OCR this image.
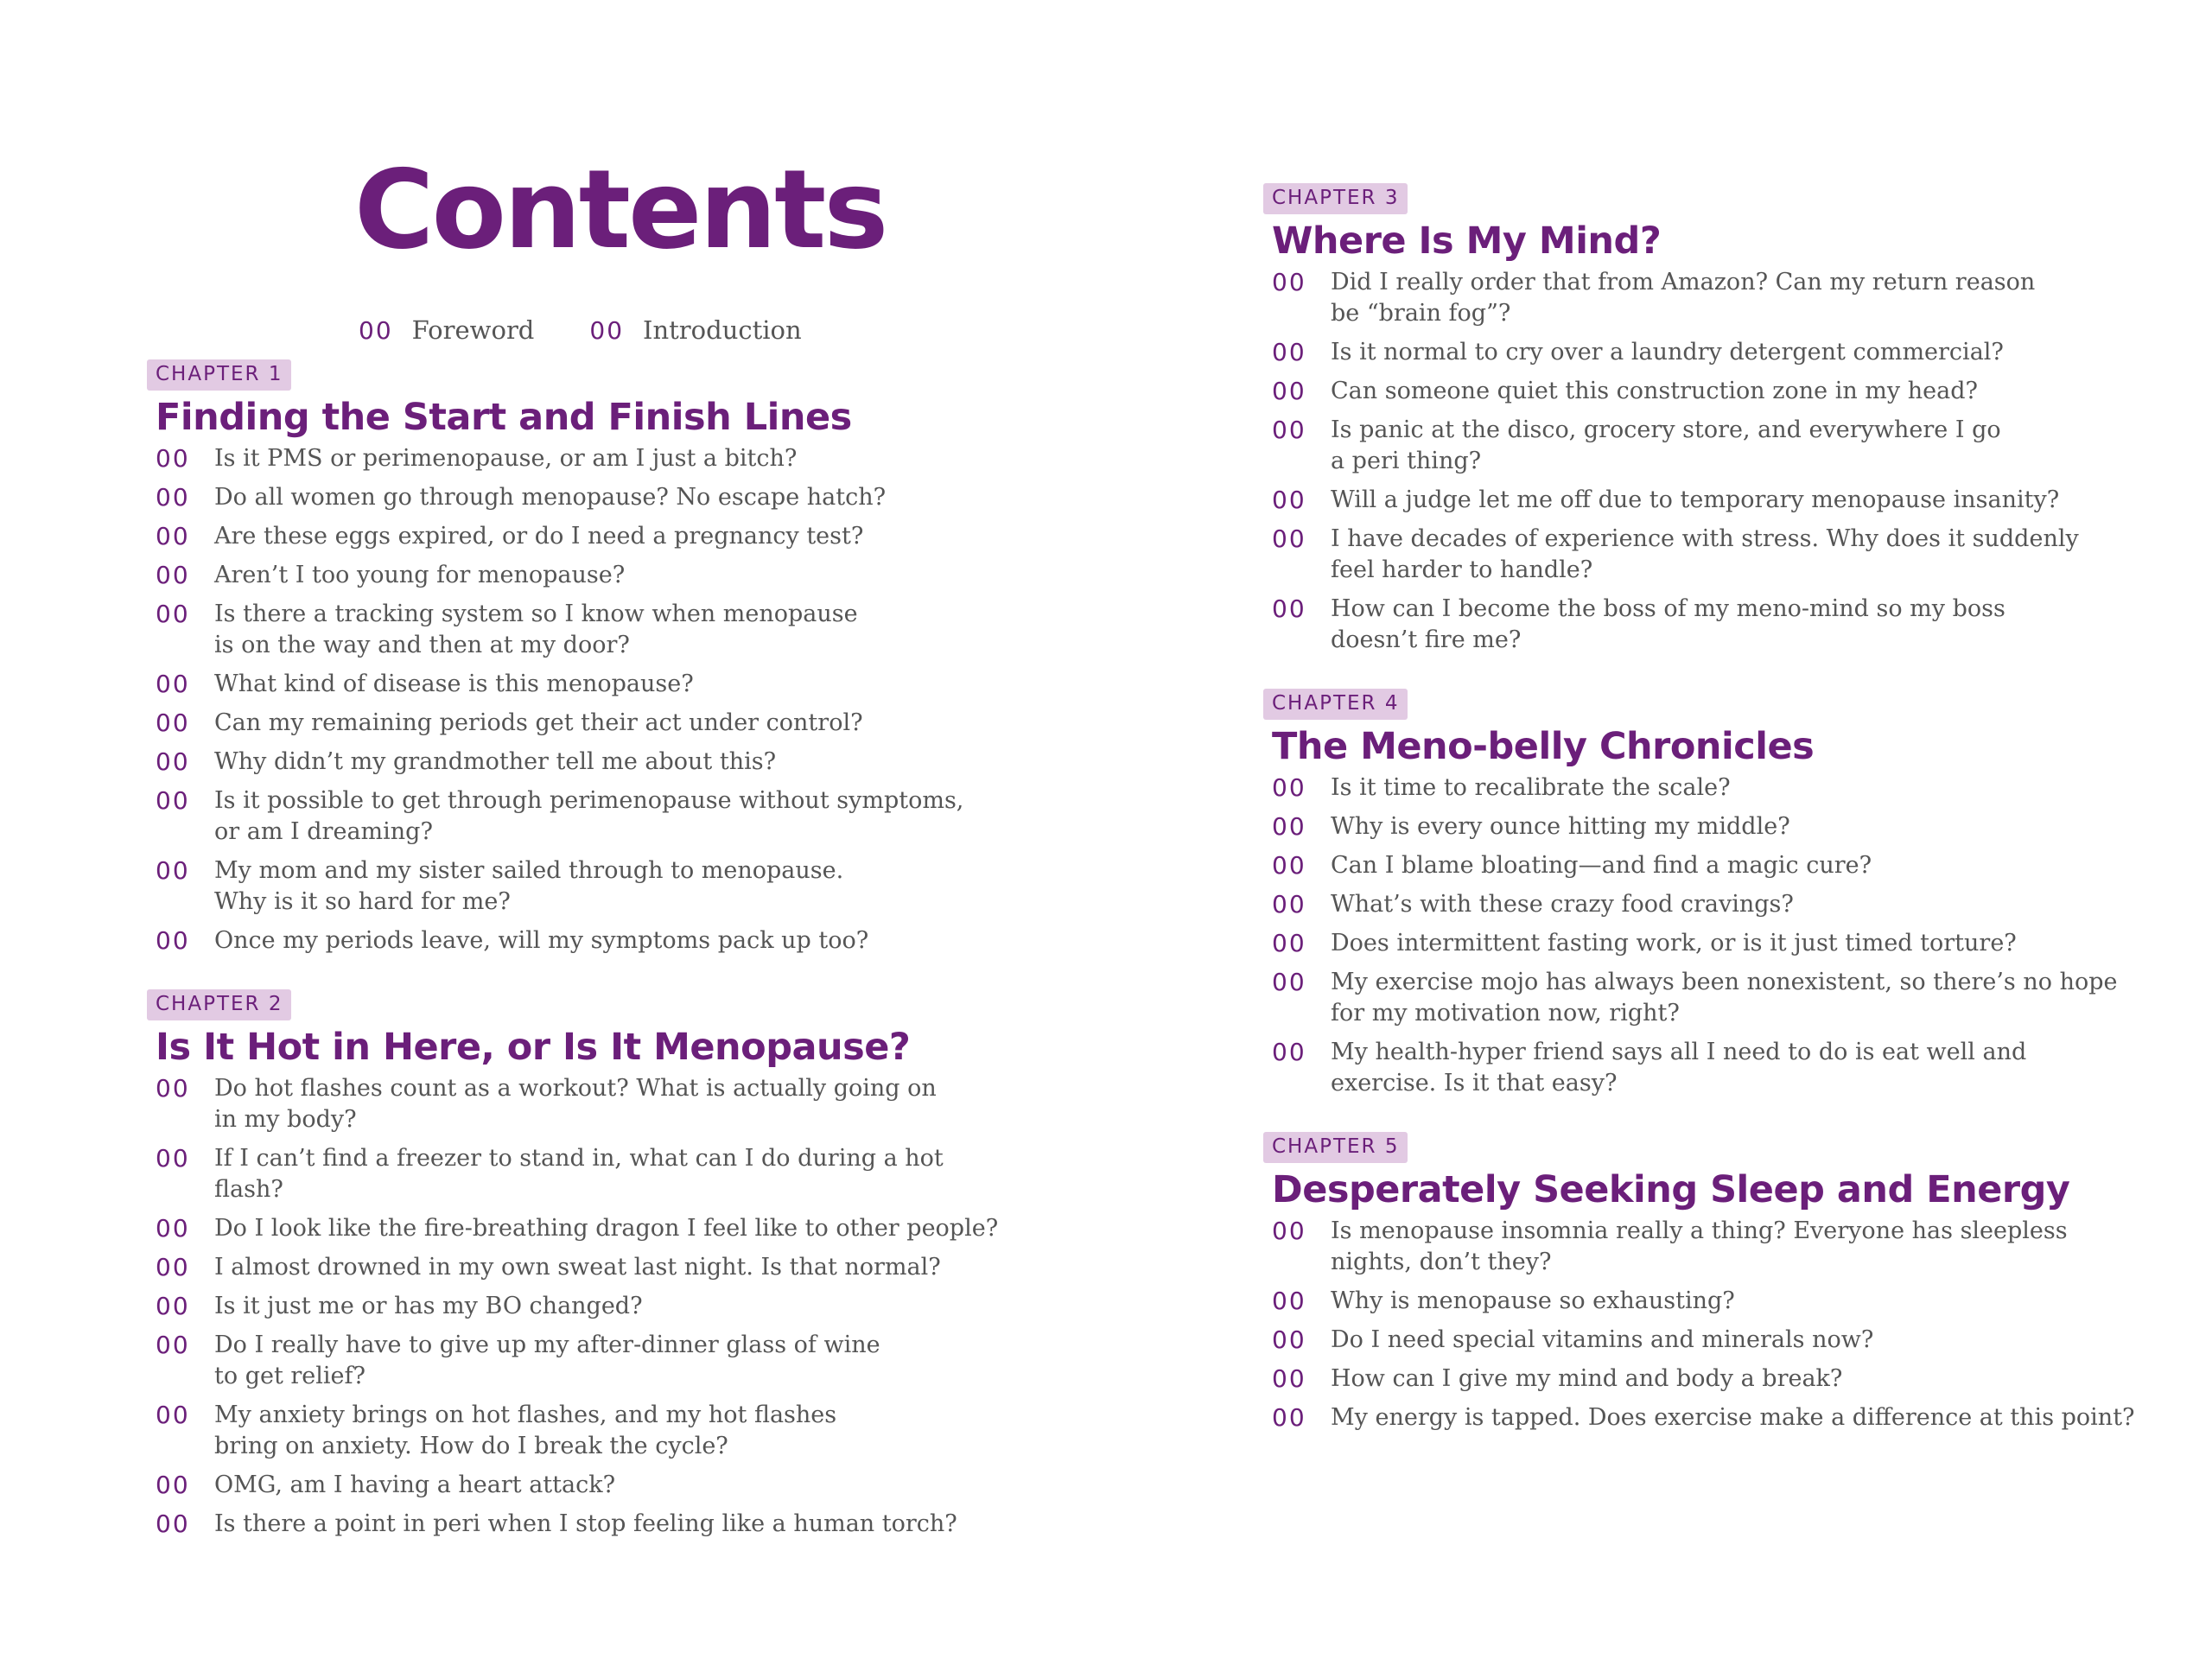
Contents
00 Foreword 00 Introduction
CHAPTER 1
Finding the Start and Finish Lines
00	Is it PMS or perimenopause, or am I just a bitch?
00	Do all women go through menopause? No escape hatch?
00	Are these eggs expired, or do I need a pregnancy test?
00	Aren’t I too young for menopause?
00	Is there a tracking system so I know when menopause
is on the way and then at my door?
00	What kind of disease is this menopause?
00	Can my remaining periods get their act under control?
00	Why didn’t my grandmother tell me about this?
00	Is it possible to get through perimenopause without symptoms,
or am I dreaming?
00	My mom and my sister sailed through to menopause.
Why is it so hard for me?
00	Once my periods leave, will my symptoms pack up too?
CHAPTER 2
Is It Hot in Here, or Is It Menopause?
00	Do hot flashes count as a workout? What is actually going on
in my body?
00	If I can’t find a freezer to stand in, what can I do during a hot flash?
00	Do I look like the fire-breathing dragon I feel like to other people?
00	I almost drowned in my own sweat last night. Is that normal?
00	Is it just me or has my BO changed?
00	Do I really have to give up my after-dinner glass of wine
to get relief?
00	My anxiety brings on hot flashes, and my hot flashes
bring on anxiety. How do I break the cycle?
00	OMG, am I having a heart attack?
00	Is there a point in peri when I stop feeling like a human torch?
CHAPTER 3
Where Is My Mind?
00	Did I really order that from Amazon? Can my return reason
be “brain fog”?
00	Is it normal to cry over a laundry detergent commercial?
00	Can someone quiet this construction zone in my head?
00	Is panic at the disco, grocery store, and everywhere I go
a peri thing?
00	Will a judge let me off due to temporary menopause insanity?
00	I have decades of experience with stress. Why does it suddenly
feel harder to handle?
00	How can I become the boss of my meno-mind so my boss
doesn’t fire me?
CHAPTER 4
The Meno-belly Chronicles
00	Is it time to recalibrate the scale?
00	Why is every ounce hitting my middle?
00	Can I blame bloating—and find a magic cure?
00	What’s with these crazy food cravings?
00	Does intermittent fasting work, or is it just timed torture?
00	My exercise mojo has always been nonexistent, so there’s no hope
for my motivation now, right?
00	My health-hyper friend says all I need to do is eat well and
exercise. Is it that easy?
CHAPTER 5
Desperately Seeking Sleep and Energy
00	Is menopause insomnia really a thing? Everyone has sleepless
nights, don’t they?
00	Why is menopause so exhausting?
00	Do I need special vitamins and minerals now?
00	How can I give my mind and body a break?
00	My energy is tapped. Does exercise make a difference at this point?
